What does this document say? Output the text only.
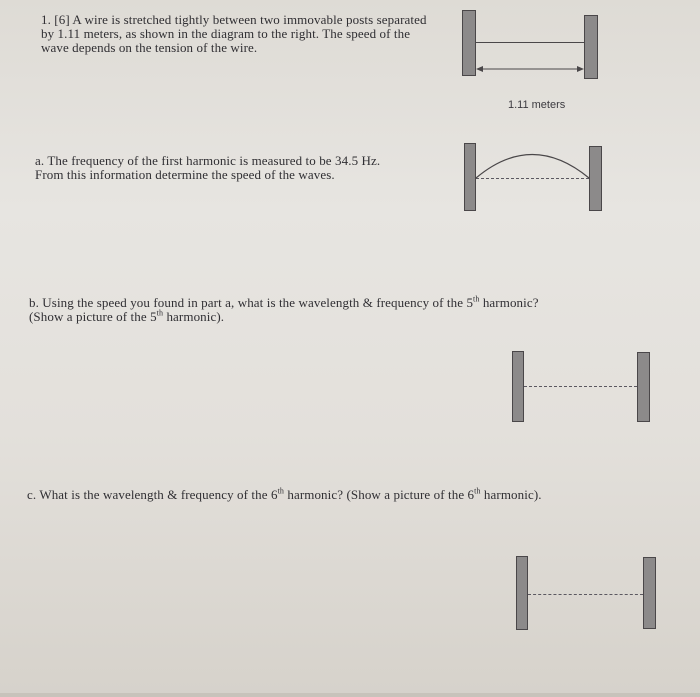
1. [6] A wire is stretched tightly between two immovable posts separated
by 1.11 meters, as shown in the diagram to the right. The speed of the
wave depends on the tension of the wire.
a. The frequency of the first harmonic is measured to be 34.5 Hz.
From this information determine the speed of the waves.
b. Using the speed you found in part a, what is the wavelength & frequency of the 5th harmonic?
(Show a picture of the 5th harmonic).
c. What is the wavelength & frequency of the 6th harmonic? (Show a picture of the 6th harmonic).
1.11 meters
